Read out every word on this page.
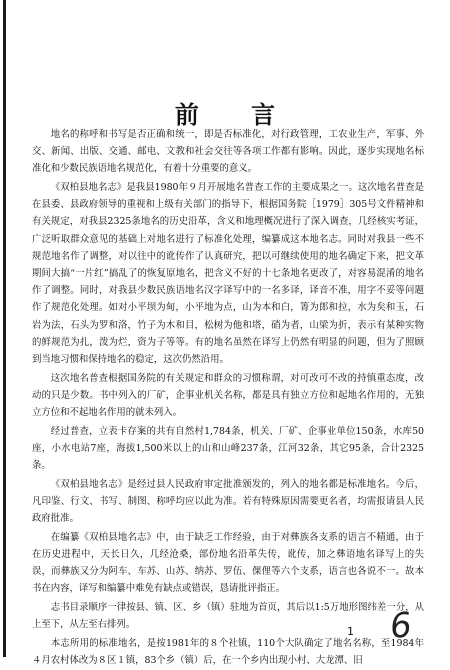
前 言

地名的称呼和书写是否正确和统一，即是否标准化，对行政管理，工农业生产，军事、外交、新闻、出版、交通、邮电、文教和社会交往等各项工作都有影响。因此，逐步实现地名标准化和少数民族语地名规范化，有着十分重要的意义。

《双柏县地名志》是我县1980年９月开展地名普查工作的主要成果之一。这次地名普查是在县委、县政府领导的重视和上级有关部门的指导下，根据国务院［1979］305号文件精神和有关规定，对我县2325条地名的历史沿革，含义和地理概况进行了深入调查，几经核实考证，广泛听取群众意见的基础上对地名进行了标准化处理，编纂成这本地名志。同时对我县一些不规范地名作了调整，对以往中的讹传作了认真研究，把以可继续使用的地名确定下来，把文革期间大搞“一片红”搞乱了的恢复原地名，把含义不好的十七条地名更改了，对容易混淆的地名作了调整。同时，对我县少数民族语地名汉字译写中的一名多译，译音不准，用字不妥等问题作了规范化处理。如对小平坝为甸，小平地为点，山为本和白，箐为郎和拉，水为矣和玉，石岩为法，石头为罗和洛，竹子为木和目，松树为他和塔，硝为者，山梁为折，表示有某种实物的鲜规范为扎，泼为烂，资为子等等。有的地名虽然在译写上仍然有明显的问题，但为了照顾到当地习惯和保持地名的稳定，这次仍然沿用。

这次地名普查根据国务院的有关规定和群众的习惯称谓，对可改可不改的持慎重态度，改动的只是少数。书中列入的厂矿，企事业机关名称，都是具有独立方位和起地名作用的，无独立方位和不起地名作用的就未列入。

经过普查，立表卡存案的共有自然村1,784条，机关、厂矿、企事业单位150条，水库50座，小水电站7座，海拔1,500米以上的山和山峰237条，江河32条，其它95条，合计2325条。

《双柏县地名志》是经过县人民政府审定批准颁发的，列入的地名都是标准地名。今后，凡印鉴、行文、书写、制图、称呼均应以此为准。若有特殊原因需要更名者，均需报请县人民政府批准。

在编纂《双柏县地名志》中，由于缺乏工作经验，由于对彝族各支系的语言不精通，由于在历史进程中，天长日久，几经沧桑，部份地名沿革失传，讹传，加之彝语地名译写上的失误，而彝族又分为阿车、车苏、山苏、纳苏、罗伍、倮俚等六个支系，语言也各说不一。故本书在内容，译写和编纂中难免有缺点或错误，恳请批评指正。

志书目录顺序一律按县、镇、区、乡（镇）驻地为首页，其后以1:5万地形图纬差一分，从上至下，从左至右排列。

本志所用的标准地名，是按1981年的８个社镇，110个大队确定了地名名称，至1984年４月农村体改为８区１镇，83个乡（镇）后，在一个乡内出现小村、大龙潭、旧

1 6
